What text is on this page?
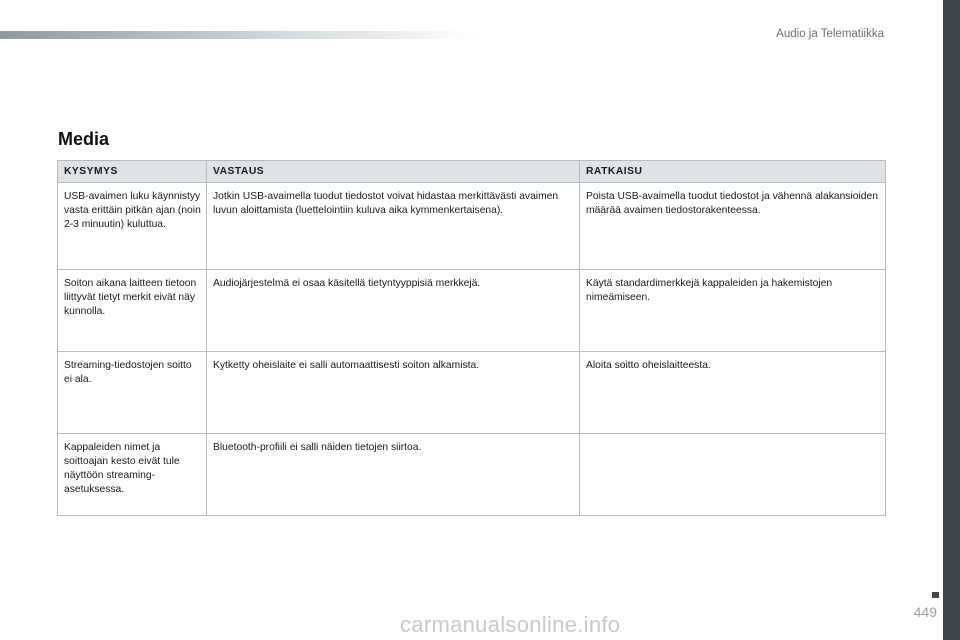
Audio ja Telematiikka
Media
KYSYMYS	VASTAUS	RATKAISU
USB-avaimen luku käynnistyy vasta erittäin pitkän ajan (noin 2-3 minuutin) kuluttua.	Jotkin USB-avaimella tuodut tiedostot voivat hidastaa merkittävästi avaimen luvun aloittamista (luettelointiin kuluva aika kymmenkertaisena).	Poista USB-avaimella tuodut tiedostot ja vähennä alakansioiden määrää avaimen tiedostorakenteessa.
Soiton aikana laitteen tietoon liittyvät tietyt merkit eivät näy kunnolla.	Audiojärjestelmä ei osaa käsitellä tietyntyyppisiä merkkejä.	Käytä standardimerkkejä kappaleiden ja hakemistojen nimeämiseen.
Streaming-tiedostojen soitto ei ala.	Kytketty oheislaite ei salli automaattisesti soiton alkamista.	Aloita soitto oheislaitteesta.
Kappaleiden nimet ja soittoajan kesto eivät tule näyttöön streaming-asetuksessa.	Bluetooth-profiili ei salli näiden tietojen siirtoa.	
449
carmanualsonline.info
